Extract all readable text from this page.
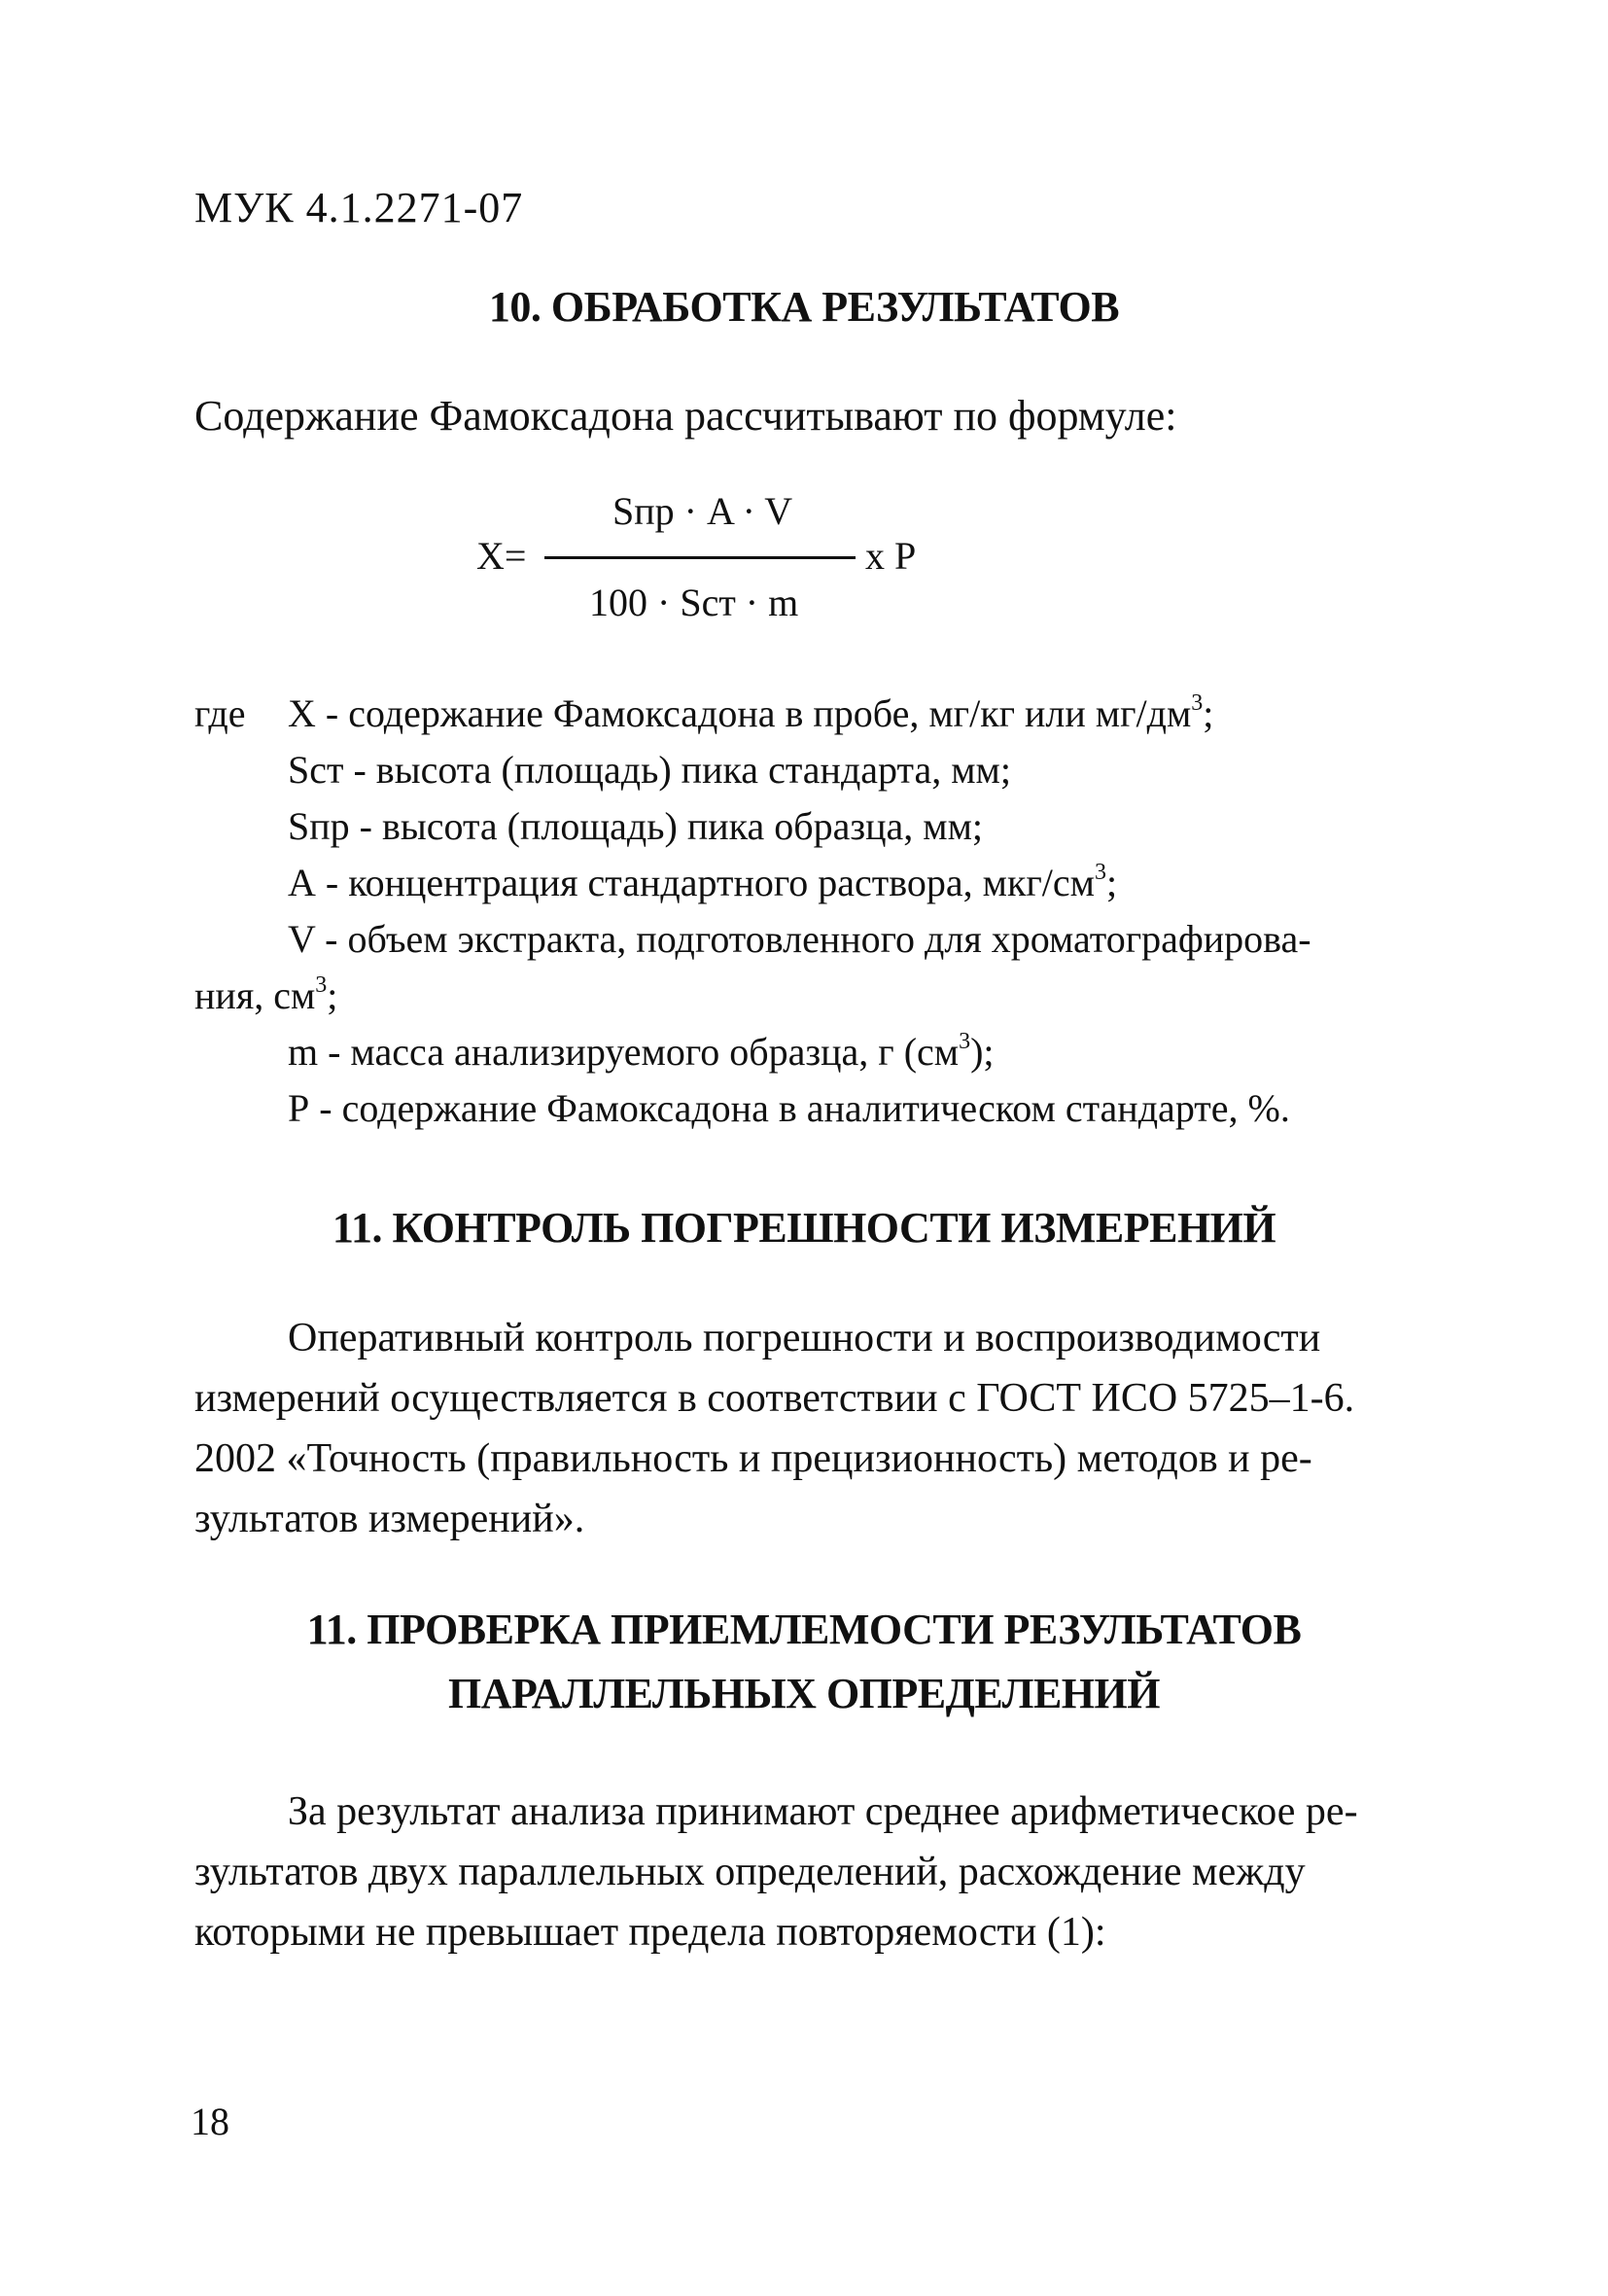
МУК 4.1.2271-07
10. ОБРАБОТКА РЕЗУЛЬТАТОВ
Содержание Фамоксадона рассчитывают по формуле:
Sпр · A · V
X=	х Р
100 · Sст · m
где X - содержание Фамоксадона в пробе, мг/кг или $мг/дм^3$;
Sст - высота (площадь) пика стандарта, мм;
Sпр - высота (площадь) пика образца, мм;
А - концентрация стандартного раствора, мкг/$см^3$;
V - объем экстракта, подготовленного для хроматографирова-
ния, $см^3$;
m - масса анализируемого образца, г $(см^3)$;
Р - содержание Фамоксадона в аналитическом стандарте, %.
11. КОНТРОЛЬ ПОГРЕШНОСТИ ИЗМЕРЕНИЙ

Оперативный контроль погрешности и воспроизводимости

измерений осуществляется в соответствии с ГОСТ ИСО 5725–1-6.

2002 «Точность (правильность и прецизионность) методов и ре-

зультатов измерений».

11. ПРОВЕРКА ПРИЕМЛЕМОСТИ РЕЗУЛЬТАТОВ
ПАРАЛЛЕЛЬНЫХ ОПРЕДЕЛЕНИЙ

За результат анализа принимают среднее арифметическое ре-

зультатов двух параллельных определений, расхождение между

которыми не превышает предела повторяемости (1):

18
